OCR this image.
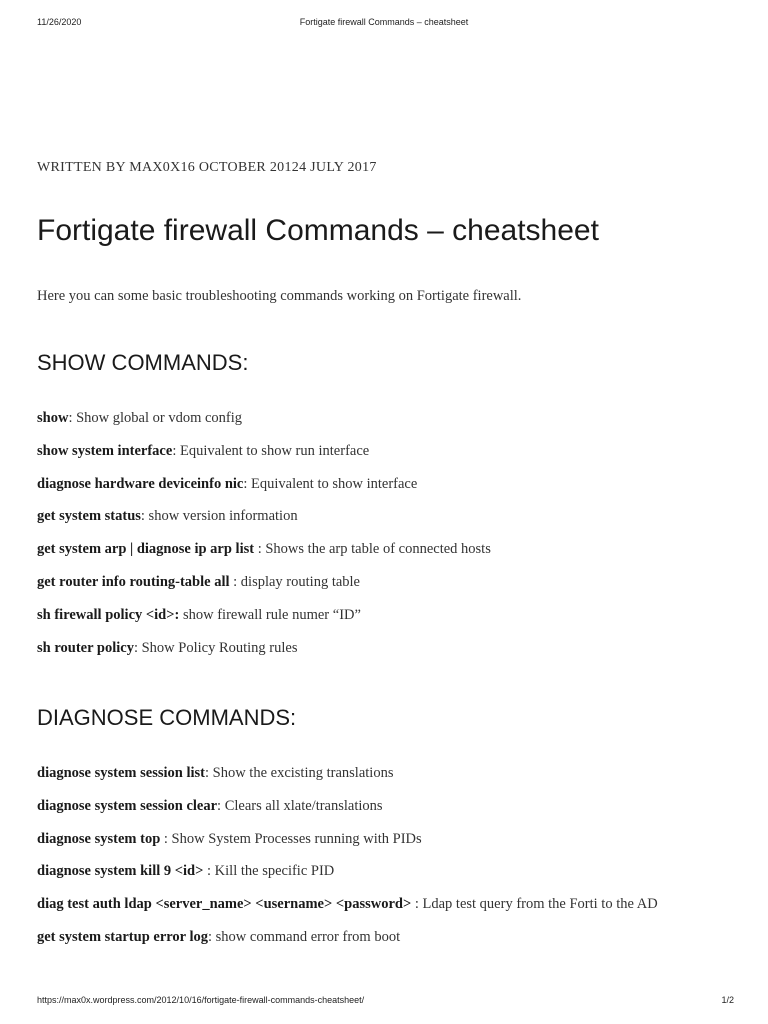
11/26/2020	Fortigate firewall Commands – cheatsheet
WRITTEN BY MAX0X16 OCTOBER 20124 JULY 2017
Fortigate firewall Commands – cheatsheet

Here you can some basic troubleshooting commands working on Fortigate firewall.

SHOW COMMANDS:
show: Show global or vdom config
show system interface: Equivalent to show run interface
diagnose hardware deviceinfo nic: Equivalent to show interface
get system status: show version information
get system arp | diagnose ip arp list : Shows the arp table of connected hosts
get router info routing-table all : display routing table
sh firewall policy <id>: show firewall rule numer “ID”
sh router policy: Show Policy Routing rules
DIAGNOSE COMMANDS:
diagnose system session list: Show the excisting translations
diagnose system session clear: Clears all xlate/translations
diagnose system top : Show System Processes running with PIDs
diagnose system kill 9 <id> : Kill the specific PID
diag test auth ldap <server_name> <username> <password> : Ldap test query from the Forti to the AD
get system startup error log: show command error from boot
https://max0x.wordpress.com/2012/10/16/fortigate-firewall-commands-cheatsheet/	1/2
